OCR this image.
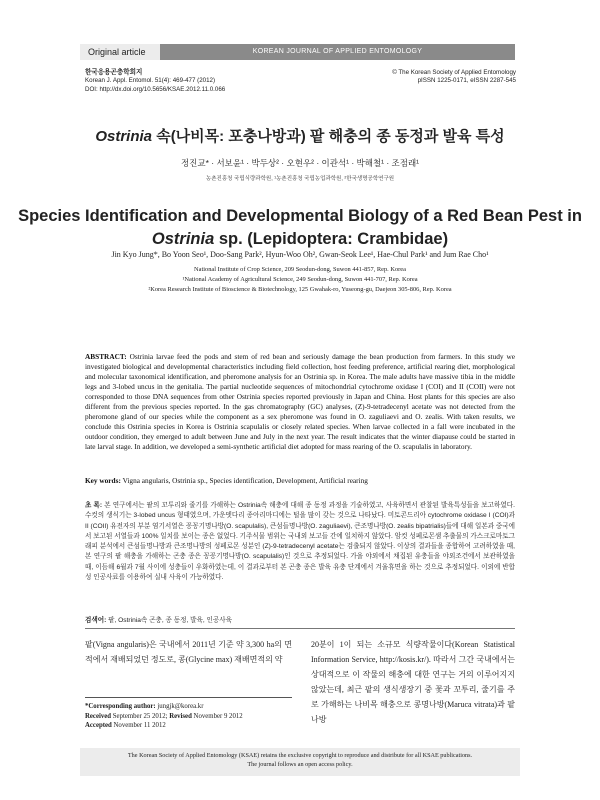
Original article	KOREAN JOURNAL OF APPLIED ENTOMOLOGY
한국응용곤충학회지
Korean J. Appl. Entomol. 51(4): 469-477 (2012)
DOI: http://dx.doi.org/10.5656/KSAE.2012.11.0.066
© The Korean Society of Applied Entomology
pISSN 1225-0171, eISSN 2287-545
Ostrinia 속(나비목: 포충나방과) 팥 해충의 종 동정과 발육 특성
정진교* · 서보윤¹ · 박두상² · 오현우² · 이관석¹ · 박해철¹ · 조점래¹
농촌진흥청 국립식량과학원, ¹농촌진흥청 국립농업과학원, ²한국생명공학연구원
Species Identification and Developmental Biology of a Red Bean Pest in
Ostrinia sp. (Lepidoptera: Crambidae)
Jin Kyo Jung*, Bo Yoon Seo¹, Doo-Sang Park², Hyun-Woo Oh², Gwan-Seok Lee¹, Hae-Chul Park¹ and Jum Rae Cho¹
National Institute of Crop Science, 209 Seodun-dong, Suwon 441-857, Rep. Korea
¹National Academy of Agricultural Science, 249 Seodun-dong, Suwon 441-707, Rep. Korea
²Korea Research Institute of Bioscience & Biotechnology, 125 Gwahak-ro, Yuseong-gu, Daejeon 305-806, Rep. Korea
ABSTRACT: Ostrinia larvae feed the pods and stem of red bean and seriously damage the bean production from farmers. In this study we investigated biological and developmental characteristics including field collection, host feeding preference, artificial rearing diet, morphological and molecular taxonomical identification, and pheromone analysis for an Ostrinia sp. in Korea. The male adults have massive tibia in the middle legs and 3-lobed uncus in the genitalia. The partial nucleotide sequences of mitochondrial cytochrome oxidase I (COI) and II (COII) were not corresponded to those DNA sequences from other Ostrinia species reported previously in Japan and China. Host plants for this species are also different from the previous species reported. In the gas chromatography (GC) analyses, (Z)-9-tetradecenyl acetate was not detected from the pheromone gland of our species while the component as a sex pheromone was found in O. zaguliaevi and O. zealis. With taken results, we conclude this Ostrinia species in Korea is Ostrinia scapulalis or closely related species. When larvae collected in a fall were incubated in the outdoor condition, they emerged to adult between June and July in the next year. The result indicates that the winter diapause could be started in late larval stage. In addition, we developed a semi-synthetic artificial diet adopted for mass rearing of the O. scapulalis in laboratory.
Key words: Vigna angularis, Ostrinia sp., Species identification, Development, Artificial rearing
초 록: 본 연구에서는 팥의 꼬투리와 줄기를 가해하는 Ostrinia속 해충에 대해 종 동정 과정을 기술하였고, 사육하면서 관찰된 발육특성들을 보고하였다. 수컷의 생식기는 3-lobed uncus 형태였으며, 가운뎃다리 종아리마디에는 털을 많이 갖는 것으로 나타났다. 미토콘드리아 cytochrome oxidase I (COI)과 II (COII) 유전자의 부분 염기서열은 꽁꽁기명나방(O. scapulalis), 큰섬들명나방(O. zaguliaevi), 큰조명나방(O. zealis bipatrialis)들에 대해 일본과 중국에서 보고된 서열들과 100% 일치를 보이는 종은 없었다. 기주식물 범위는 국내외 보고들 간에 일치하지 않았다. 암컷 성페로몬샘 추출물의 가스크로마토그래피 분석에서 큰섬들명나방과 큰조명나방의 성페로몬 성분인 (Z)-9-tetradecenyl acetate는 검출되지 않았다. 이상의 결과들을 종합하여 고려하였을 때, 본 연구의 팥 해충을 가해하는 곤충 종은 꽁꽁기명나방(O. scapulalis)인 것으로 추정되었다. 가을 야외에서 채집된 유충들을 야외조건에서 보관하였을 때, 이듬해 6월과 7월 사이에 성충들이 우화하였는데, 이 결과로부터 본 곤충 종은 발육 유충 단계에서 겨울휴면을 하는 것으로 추정되었다. 이외에 반합성 인공사료를 이용하여 실내 사육이 가능하였다.
검색어: 팥, Ostrinia속 곤충, 종 동정, 발육, 인공사육
팥(Vigna angularis)은 국내에서 2011년 기준 약 3,300 ha의 면적에서 재배되었던 정도로, 콩(Glycine max) 재배면적의 약
20분이 1이 되는 소규모 식량작물이다(Korean Statistical Information Service, http://kosis.kr/). 따라서 그간 국내에서는 상대적으로 이 작물의 해충에 대한 연구는 거의 이루어지지 않았는데, 최근 팥의 생식생장기 중 꽃과 꼬투리, 줄기를 주로 가해하는 나비목 해충으로 콩명나방(Maruca vitrata)과 팥나방
*Corresponding author: jungjk@korea.kr
Received September 25 2012; Revised November 9 2012
Accepted November 11 2012
The Korean Society of Applied Entomology (KSAE) retains the exclusive copyright to reproduce and distribute for all KSAE publications.
The journal follows an open access policy.
